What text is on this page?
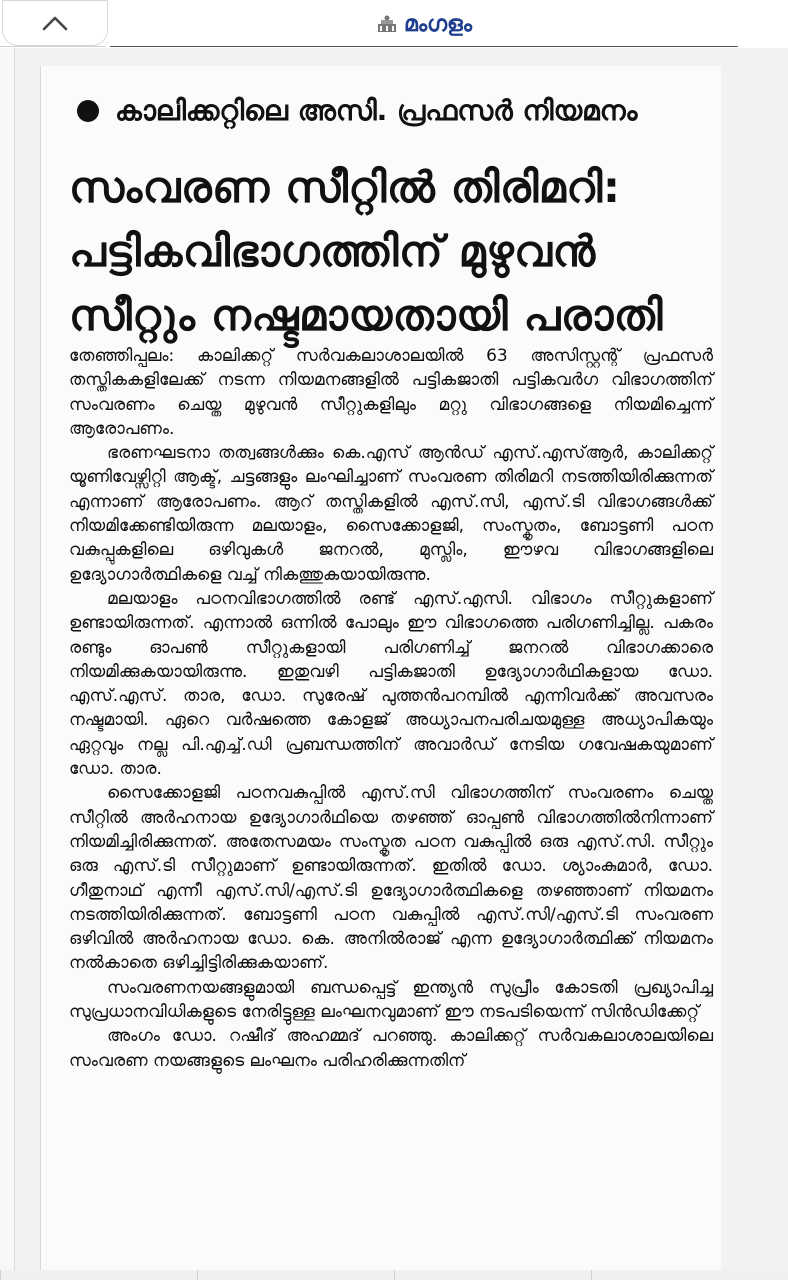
മംഗളം
കാലിക്കറ്റിലെ അസി. പ്രഫസർ നിയമനം
സംവരണ സീറ്റിൽ തിരിമറി:
പട്ടികവിഭാഗത്തിന് മുഴുവൻ
സീറ്റും നഷ്ടമായതായി പരാതി

തേഞ്ഞിപ്പലം: കാലിക്കറ്റ് സർവകലാശാലയിൽ 63 അസിസ്റ്റന്റ് പ്രഫസർ തസ്തികകളിലേക്ക് നടന്ന നിയമനങ്ങളിൽ പട്ടികജാതി പട്ടികവർഗ വിഭാഗത്തിന് സംവരണം ചെയ്ത മുഴുവൻ സീറ്റുകളിലും മറ്റു വിഭാഗങ്ങളെ നിയമിച്ചെന്ന് ആരോപണം.

ഭരണഘടനാ തത്വങ്ങൾക്കും കെ.എസ് ആൻഡ് എസ്.എസ്ആർ, കാലിക്കറ്റ് യൂണിവേഴ്സിറ്റി ആക്ട്, ചട്ടങ്ങളും ലംഘിച്ചാണ് സംവരണ തിരിമറി നടത്തിയിരിക്കുന്നത് എന്നാണ് ആരോപണം. ആറ് തസ്തികളിൽ എസ്.സി, എസ്.ടി വിഭാഗങ്ങൾക്ക് നിയമിക്കേണ്ടിയിരുന്ന മലയാളം, സൈക്കോളജി, സംസ്കൃതം, ബോട്ടണി പഠന വകുപ്പുകളിലെ ഒഴിവുകൾ ജനറൽ, മുസ്ലിം, ഈഴവ വിഭാഗങ്ങളിലെ ഉദ്യോഗാർത്ഥികളെ വച്ച് നികത്തുകയായിരുന്നു.

മലയാളം പഠനവിഭാഗത്തിൽ രണ്ട് എസ്.എസി. വിഭാഗം സീറ്റുകളാണ് ഉണ്ടായിരുന്നത്. എന്നാൽ ഒന്നിൽ പോലും ഈ വിഭാഗത്തെ പരിഗണിച്ചില്ല. പകരം രണ്ടും ഓപൺ സീറ്റുകളായി പരിഗണിച്ച് ജനറൽ വിഭാഗക്കാരെ നിയമിക്കുകയായിരുന്നു. ഇതുവഴി പട്ടികജാതി ഉദ്യോഗാർഥികളായ ഡോ. എസ്.എസ്. താര, ഡോ. സുരേഷ് പുത്തൻപറമ്പിൽ എന്നിവർക്ക് അവസരം നഷ്ടമായി. ഏറെ വർഷത്തെ കോളജ് അധ്യാപനപരിചയമുള്ള അധ്യാപികയും ഏറ്റവും നല്ല പി.എച്ച്.ഡി പ്രബന്ധത്തിന് അവാർഡ് നേടിയ ഗവേഷകയുമാണ് ഡോ. താര.

സൈക്കോളജി പഠനവകുപ്പിൽ എസ്.സി വിഭാഗത്തിന് സംവരണം ചെയ്ത സീറ്റിൽ അർഹനായ ഉദ്യോഗാർഥിയെ തഴഞ്ഞ് ഓപ്പൺ വിഭാഗത്തിൽനിന്നാണ് നിയമിച്ചിരിക്കുന്നത്. അതേസമയം സംസ്കൃത പഠന വകുപ്പിൽ ഒരു എസ്.സി. സീറ്റും ഒരു എസ്.ടി സീറ്റുമാണ് ഉണ്ടായിരുന്നത്. ഇതിൽ ഡോ. ശ്യാംകുമാർ, ഡോ. ഗീതുനാഥ് എന്നീ എസ്.സി/എസ്.ടി ഉദ്യോഗാർത്ഥികളെ തഴഞ്ഞാണ് നിയമനം നടത്തിയിരിക്കുന്നത്. ബോട്ടണി പഠന വകുപ്പിൽ എസ്.സി/എസ്.ടി സംവരണ ഒഴിവിൽ അർഹനായ ഡോ. കെ. അനിൽരാജ് എന്ന ഉദ്യോഗാർത്ഥിക്ക് നിയമനം നൽകാതെ ഒഴിച്ചിട്ടിരിക്കുകയാണ്.

സംവരണനയങ്ങളുമായി ബന്ധപ്പെട്ട് ഇന്ത്യൻ സുപ്രീം കോടതി പ്രഖ്യാപിച്ച സുപ്രധാനവിധികളുടെ നേരിട്ടുള്ള ലംഘനവുമാണ് ഈ നടപടിയെന്ന് സിൻഡിക്കേറ്റ്

അംഗം ഡോ. റഷീദ് അഹമ്മദ് പറഞ്ഞു. കാലിക്കറ്റ് സർവകലാശാലയിലെ സംവരണ നയങ്ങളുടെ ലംഘനം പരിഹരിക്കുന്നതിന്
